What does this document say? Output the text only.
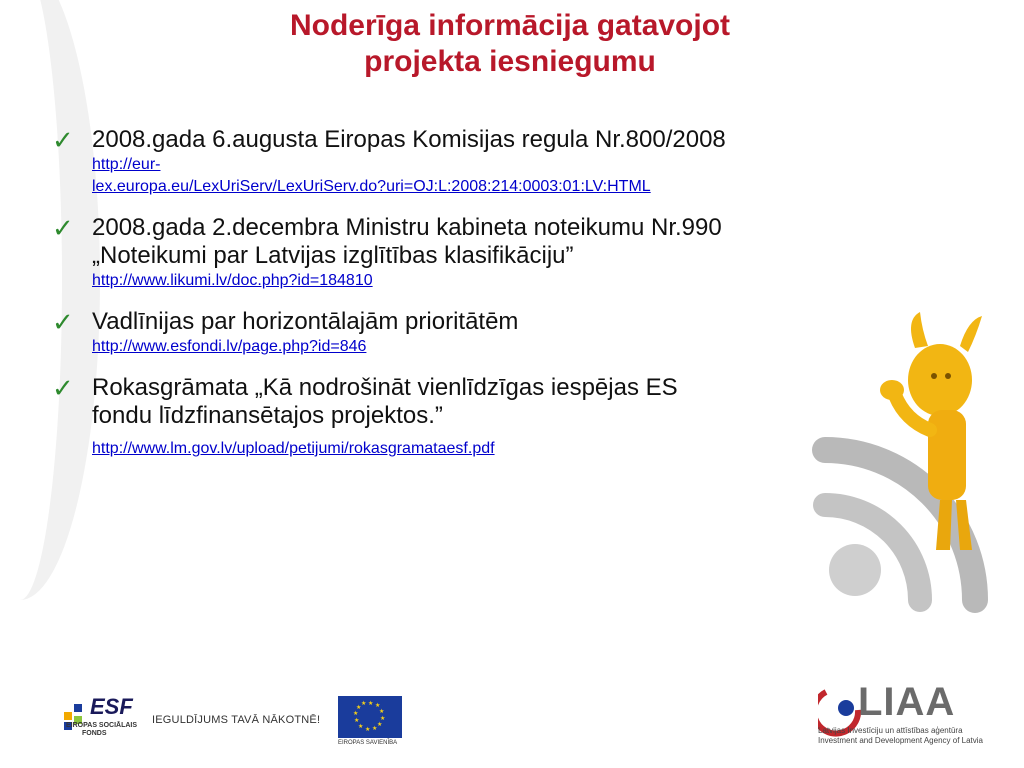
Noderīga informācija gatavojot
projekta iesniegumu
✓ 2008.gada 6.augusta Eiropas Komisijas regula Nr.800/2008
http://eur-
lex.europa.eu/LexUriServ/LexUriServ.do?uri=OJ:L:2008:214:0003:01:LV:HTML
✓ 2008.gada 2.decembra Ministru kabineta noteikumu Nr.990
„Noteikumi par Latvijas izglītības klasifikāciju”
http://www.likumi.lv/doc.php?id=184810
✓ Vadlīnijas par horizontālajām prioritātēm
http://www.esfondi.lv/page.php?id=846
✓ Rokasgrāmata „Kā nodrošināt vienlīdzīgas iespējas ES
fondu līdzfinansētajos projektos.”
http://www.lm.gov.lv/upload/petijumi/rokasgramataesf.pdf
ESF
EIROPAS SOCIĀLAIS
FONDS
IEGULDĪJUMS TAVĀ NĀKOTNĒ!
★ ★
★
★
★
★
★
★
★
★
★
★
EIROPAS SAVIENĪBA
LIAA
Latvijas Investīciju un attīstības aģentūra
Investment and Development Agency of Latvia
